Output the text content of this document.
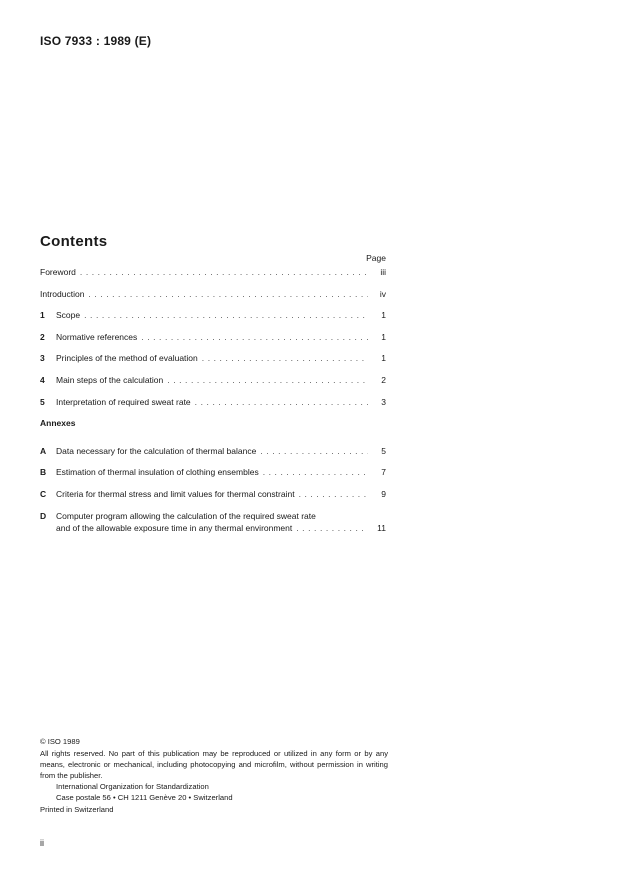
ISO 7933 : 1989 (E)
Contents
Page
Foreword . . .	iii
Introduction . . .	iv
1	Scope . . .	1
2	Normative references . . .	1
3	Principles of the method of evaluation . . .	1
4	Main steps of the calculation . . .	2
5	Interpretation of required sweat rate . . .	3
Annexes
A	Data necessary for the calculation of thermal balance . . .	5
B	Estimation of thermal insulation of clothing ensembles . . .	7
C	Criteria for thermal stress and limit values for thermal constraint . . .	9
D	Computer program allowing the calculation of the required sweat rate
and of the allowable exposure time in any thermal environment . . .	11
© ISO 1989
All rights reserved. No part of this publication may be reproduced or utilized in any form or by any means, electronic or mechanical, including photocopying and microfilm, without permission in writing from the publisher.
International Organization for Standardization
Case postale 56 • CH 1211 Genève 20 • Switzerland
Printed in Switzerland
ii
